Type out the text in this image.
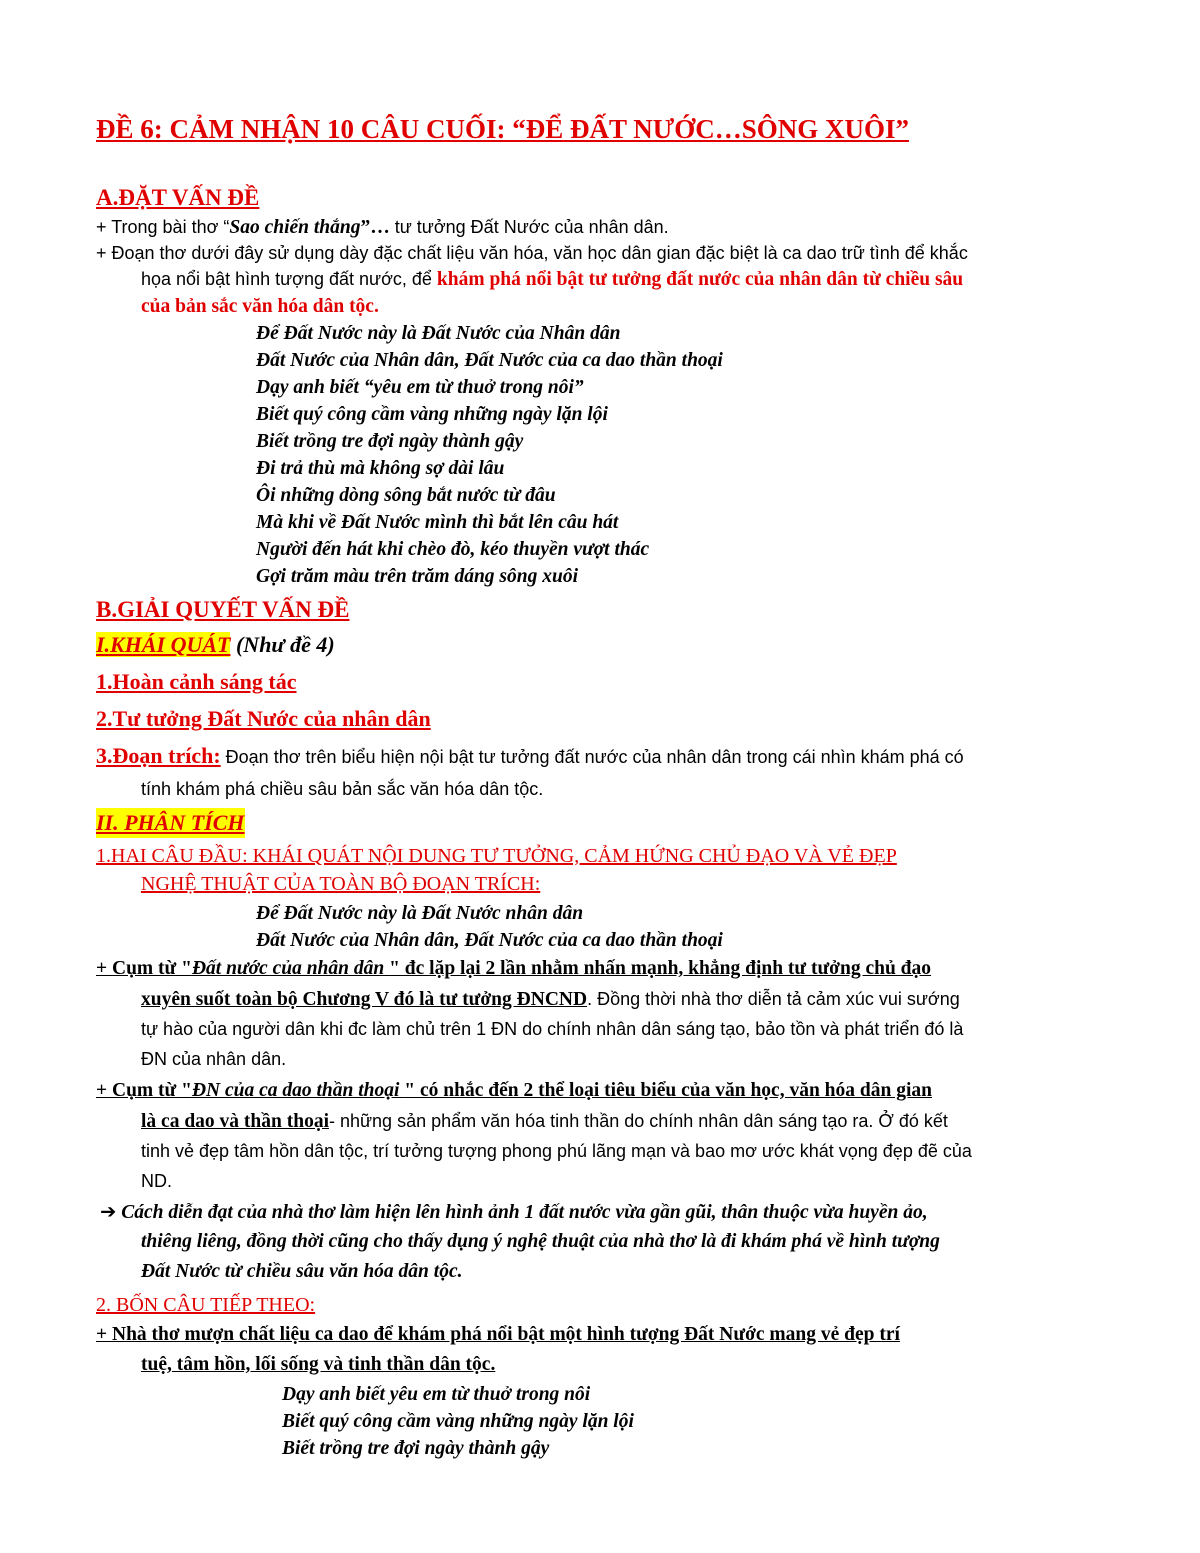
ĐỀ 6: CẢM NHẬN 10 CÂU CUỐI: “ĐỂ ĐẤT NƯỚC…SÔNG XUÔI”
A.ĐẶT VẤN ĐỀ
+ Trong bài thơ “Sao chiến thắng”… tư tưởng Đất Nước của nhân dân.
+ Đoạn thơ dưới đây sử dụng dày đặc chất liệu văn hóa, văn học dân gian đặc biệt là ca dao trữ tình để khắc
họa nổi bật hình tượng đất nước, để khám phá nổi bật tư tưởng đất nước của nhân dân từ chiều sâu
của bản sắc văn hóa dân tộc.
Để Đất Nước này là Đất Nước của Nhân dân
Đất Nước của Nhân dân, Đất Nước của ca dao thần thoại
Dạy anh biết “yêu em từ thuở trong nôi”
Biết quý công cầm vàng những ngày lặn lội
Biết trồng tre đợi ngày thành gậy
Đi trả thù mà không sợ dài lâu
Ôi những dòng sông bắt nước từ đâu
Mà khi về Đất Nước mình thì bắt lên câu hát
Người đến hát khi chèo đò, kéo thuyền vượt thác
Gợi trăm màu trên trăm dáng sông xuôi
B.GIẢI QUYẾT VẤN ĐỀ
I.KHÁI QUÁT (Như đề 4)
1.Hoàn cảnh sáng tác
2.Tư tưởng Đất Nước của nhân dân
3.Đoạn trích: Đoạn thơ trên biểu hiện nội bật tư tưởng đất nước của nhân dân trong cái nhìn khám phá có
tính khám phá chiều sâu bản sắc văn hóa dân tộc.
II. PHÂN TÍCH
1.HAI CÂU ĐẦU: KHÁI QUÁT NỘI DUNG TƯ TƯỞNG, CẢM HỨNG CHỦ ĐẠO VÀ VẺ ĐẸP
NGHỆ THUẬT CỦA TOÀN BỘ ĐOẠN TRÍCH:
Để Đất Nước này là Đất Nước nhân dân
Đất Nước của Nhân dân, Đất Nước của ca dao thần thoại
+ Cụm từ "Đất nước của nhân dân " đc lặp lại 2 lần nhằm nhấn mạnh, khẳng định tư tưởng chủ đạo
xuyên suốt toàn bộ Chương V đó là tư tưởng ĐNCND. Đồng thời nhà thơ diễn tả cảm xúc vui sướng
tự hào của người dân khi đc làm chủ trên 1 ĐN do chính nhân dân sáng tạo, bảo tồn và phát triển đó là
ĐN của nhân dân.
+ Cụm từ "ĐN của ca dao thần thoại " có nhắc đến 2 thể loại tiêu biểu của văn học, văn hóa dân gian
là ca dao và thần thoại- những sản phẩm văn hóa tinh thần do chính nhân dân sáng tạo ra. Ở đó kết
tinh vẻ đẹp tâm hồn dân tộc, trí tưởng tượng phong phú lãng mạn và bao mơ ước khát vọng đẹp đẽ của
ND.
➔ Cách diễn đạt của nhà thơ làm hiện lên hình ảnh 1 đất nước vừa gần gũi, thân thuộc vừa huyền ảo,
thiêng liêng, đồng thời cũng cho thấy dụng ý nghệ thuật của nhà thơ là đi khám phá về hình tượng
Đất Nước từ chiều sâu văn hóa dân tộc.
2. BỐN CÂU TIẾP THEO:
+ Nhà thơ mượn chất liệu ca dao để khám phá nổi bật một hình tượng Đất Nước mang vẻ đẹp trí
tuệ, tâm hồn, lối sống và tinh thần dân tộc.
Dạy anh biết yêu em từ thuở trong nôi
Biết quý công cầm vàng những ngày lặn lội
Biết trồng tre đợi ngày thành gậy
